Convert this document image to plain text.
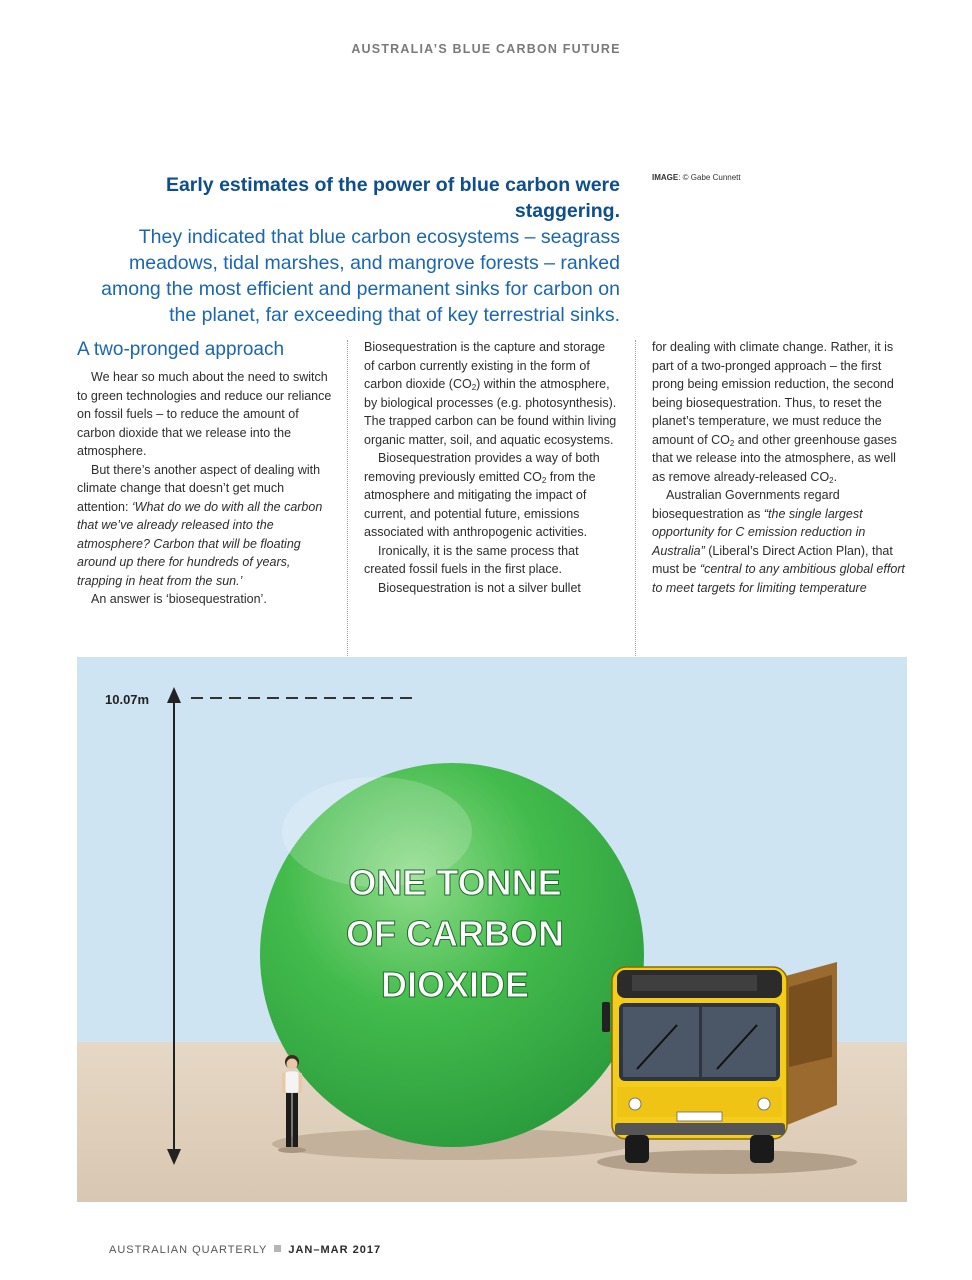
AUSTRALIA’S BLUE CARBON FUTURE
Early estimates of the power of blue carbon were staggering.
They indicated that blue carbon ecosystems – seagrass meadows, tidal marshes, and mangrove forests – ranked among the most efficient and permanent sinks for carbon on the planet, far exceeding that of key terrestrial sinks.
IMAGE: © Gabe Cunnett
A two-pronged approach

We hear so much about the need to switch to green technologies and reduce our reliance on fossil fuels – to reduce the amount of carbon dioxide that we release into the atmosphere.

But there’s another aspect of dealing with climate change that doesn’t get much attention: ‘What do we do with all the carbon that we’ve already released into the atmosphere? Carbon that will be floating around up there for hundreds of years, trapping in heat from the sun.’

An answer is ‘biosequestration’.

Biosequestration is the capture and storage of carbon currently existing in the form of carbon dioxide $(CO_2)$ within the atmosphere, by biological processes (e.g. photosynthesis). The trapped carbon can be found within living organic matter, soil, and aquatic ecosystems.

Biosequestration provides a way of both removing previously emitted $CO_2$ from the atmosphere and mitigating the impact of current, and potential future, emissions associated with anthropogenic activities.

Ironically, it is the same process that created fossil fuels in the first place.

Biosequestration is not a silver bullet

for dealing with climate change. Rather, it is part of a two-pronged approach – the first prong being emission reduction, the second being biosequestration. Thus, to reset the planet’s temperature, we must reduce the amount of $CO_2$ and other greenhouse gases that we release into the atmosphere, as well as remove already-released $CO_2$.

Australian Governments regard biosequestration as “the single largest opportunity for C emission reduction in Australia” (Liberal’s Direct Action Plan), that must be “central to any ambitious global effort to meet targets for limiting temperature

10.07m
ONE TONNE
OF CARBON
DIOXIDE
AUSTRALIAN QUARTERLY JAN–MAR 2017
